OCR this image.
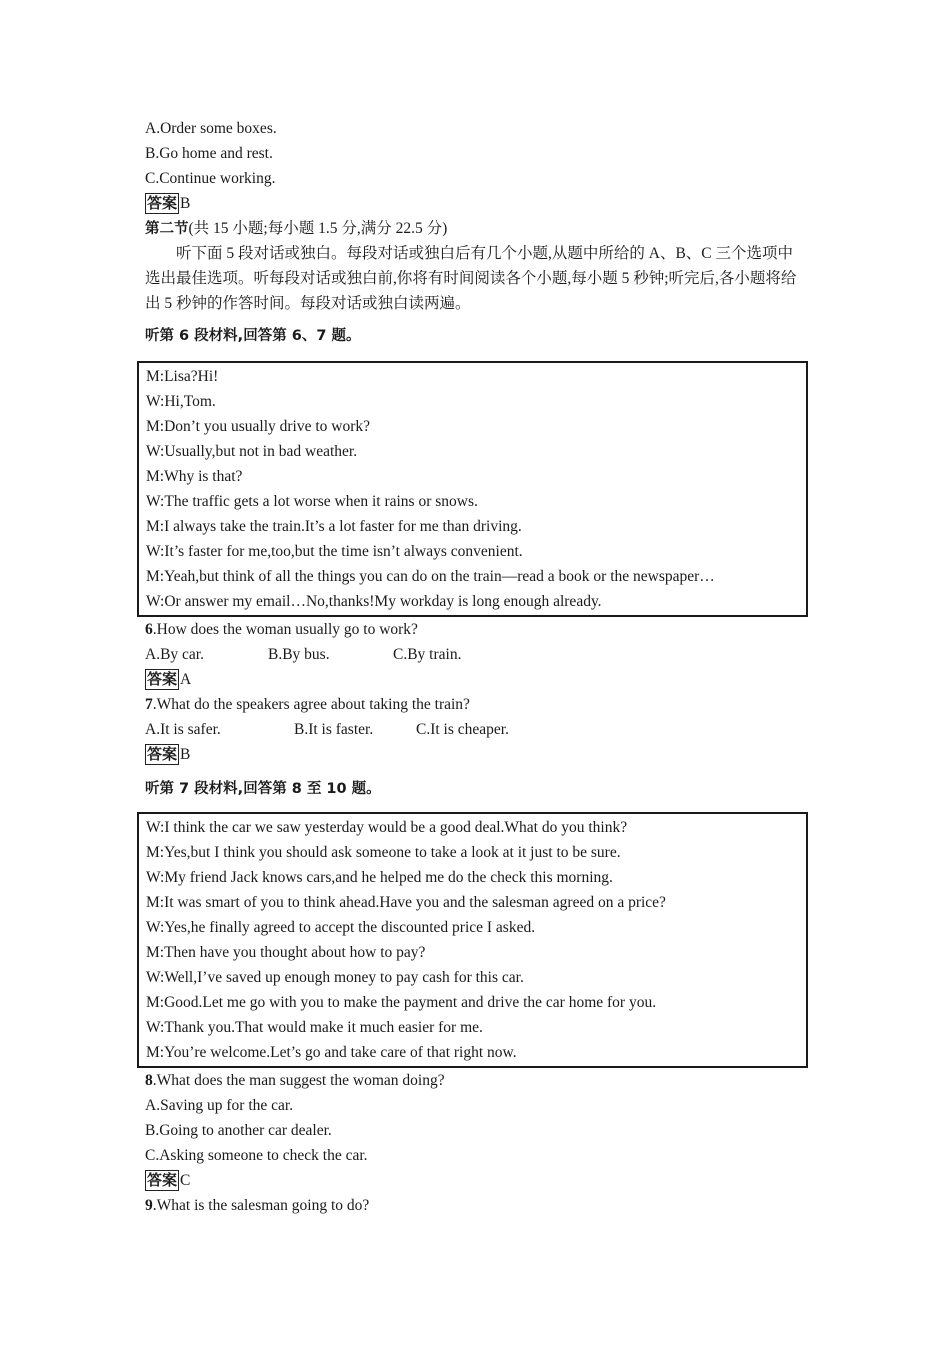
A.Order some boxes.
B.Go home and rest.
C.Continue working.
答案 B
第二节(共 15 小题;每小题 1.5 分,满分 22.5 分)
听下面 5 段对话或独白。每段对话或独白后有几个小题,从题中所给的 A、B、C 三个选项中选出最佳选项。听每段对话或独白前,你将有时间阅读各个小题,每小题 5 秒钟;听完后,各小题将给出 5 秒钟的作答时间。每段对话或独白读两遍。
听第 6 段材料,回答第 6、7 题。
M:Lisa?Hi!
W:Hi,Tom.
M:Don’t you usually drive to work?
W:Usually,but not in bad weather.
M:Why is that?
W:The traffic gets a lot worse when it rains or snows.
M:I always take the train.It’s a lot faster for me than driving.
W:It’s faster for me,too,but the time isn’t always convenient.
M:Yeah,but think of all the things you can do on the train—read a book or the newspaper…
W:Or answer my email…No,thanks!My workday is long enough already.
6.How does the woman usually go to work?
A.By car.	B.By bus.	C.By train.
答案 A
7.What do the speakers agree about taking the train?
A.It is safer.	B.It is faster.	C.It is cheaper.
答案 B
听第 7 段材料,回答第 8 至 10 题。
W:I think the car we saw yesterday would be a good deal.What do you think?
M:Yes,but I think you should ask someone to take a look at it just to be sure.
W:My friend Jack knows cars,and he helped me do the check this morning.
M:It was smart of you to think ahead.Have you and the salesman agreed on a price?
W:Yes,he finally agreed to accept the discounted price I asked.
M:Then have you thought about how to pay?
W:Well,I’ve saved up enough money to pay cash for this car.
M:Good.Let me go with you to make the payment and drive the car home for you.
W:Thank you.That would make it much easier for me.
M:You’re welcome.Let’s go and take care of that right now.
8.What does the man suggest the woman doing?
A.Saving up for the car.
B.Going to another car dealer.
C.Asking someone to check the car.
答案 C
9.What is the salesman going to do?
